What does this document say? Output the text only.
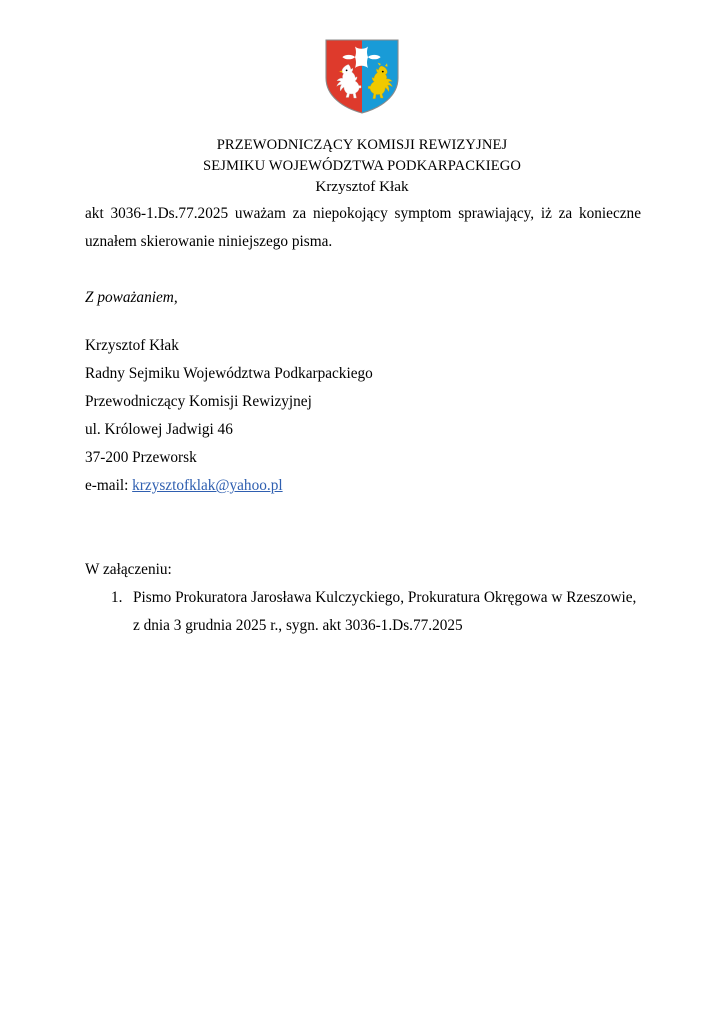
PRZEWODNICZĄCY KOMISJI REWIZYJNEJ
SEJMIKU WOJEWÓDZTWA PODKARPACKIEGO
Krzysztof Kłak

akt 3036-1.Ds.77.2025 uważam za niepokojący symptom sprawiający, iż za konieczne uznałem skierowanie niniejszego pisma.

Z poważaniem,

Krzysztof Kłak
Radny Sejmiku Województwa Podkarpackiego
Przewodniczący Komisji Rewizyjnej
ul. Królowej Jadwigi 46
37-200 Przeworsk
e-mail: krzysztofklak@yahoo.pl

W załączeniu:

1. Pismo Prokuratora Jarosława Kulczyckiego, Prokuratura Okręgowa w Rzeszowie, z dnia 3 grudnia 2025 r., sygn. akt 3036-1.Ds.77.2025
